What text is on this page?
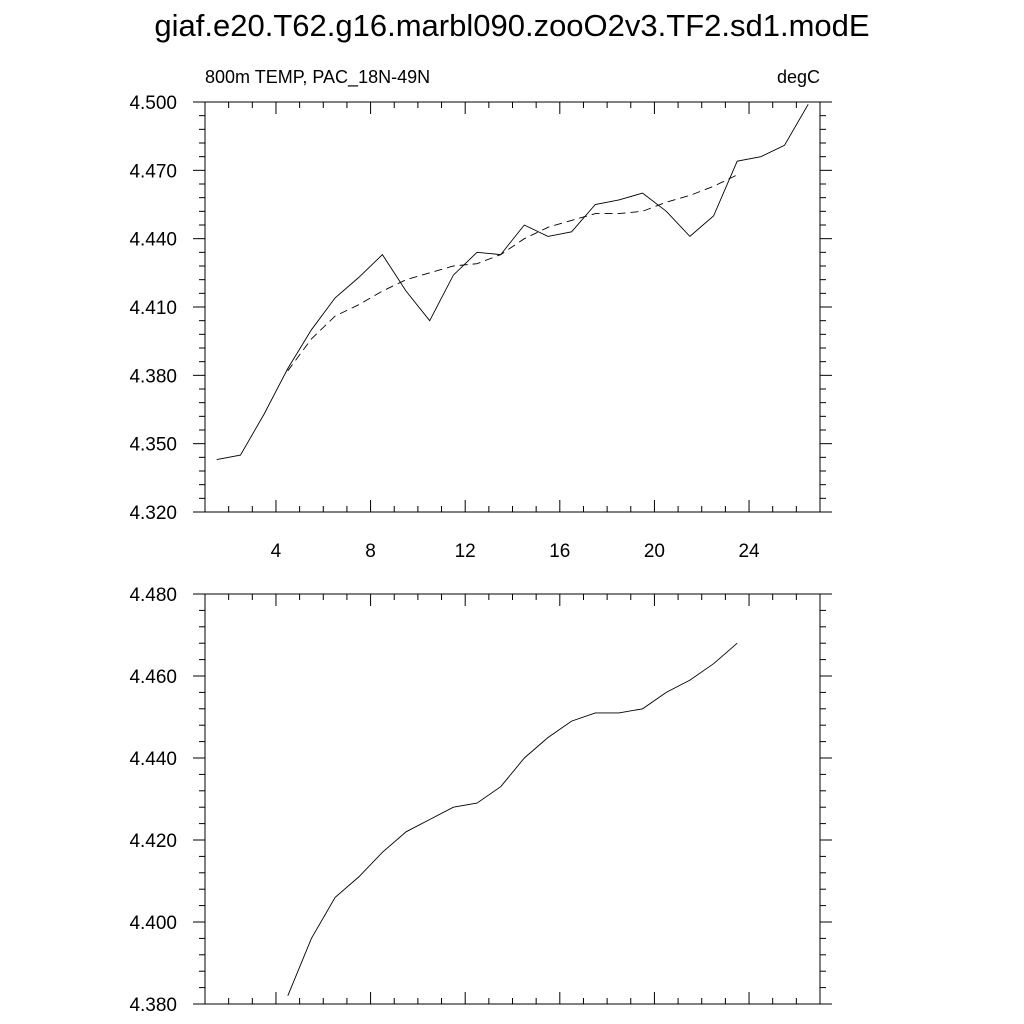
giaf.e20.T62.g16.marbl090.zooO2v3.TF2.sd1.modE
4	8	12	16	20	24
4.320
4.350
4.380
4.410
4.440
4.470
4.500
800m TEMP, PAC_18N-49N	degC
4.380
4.400
4.420
4.440
4.460
4.480
